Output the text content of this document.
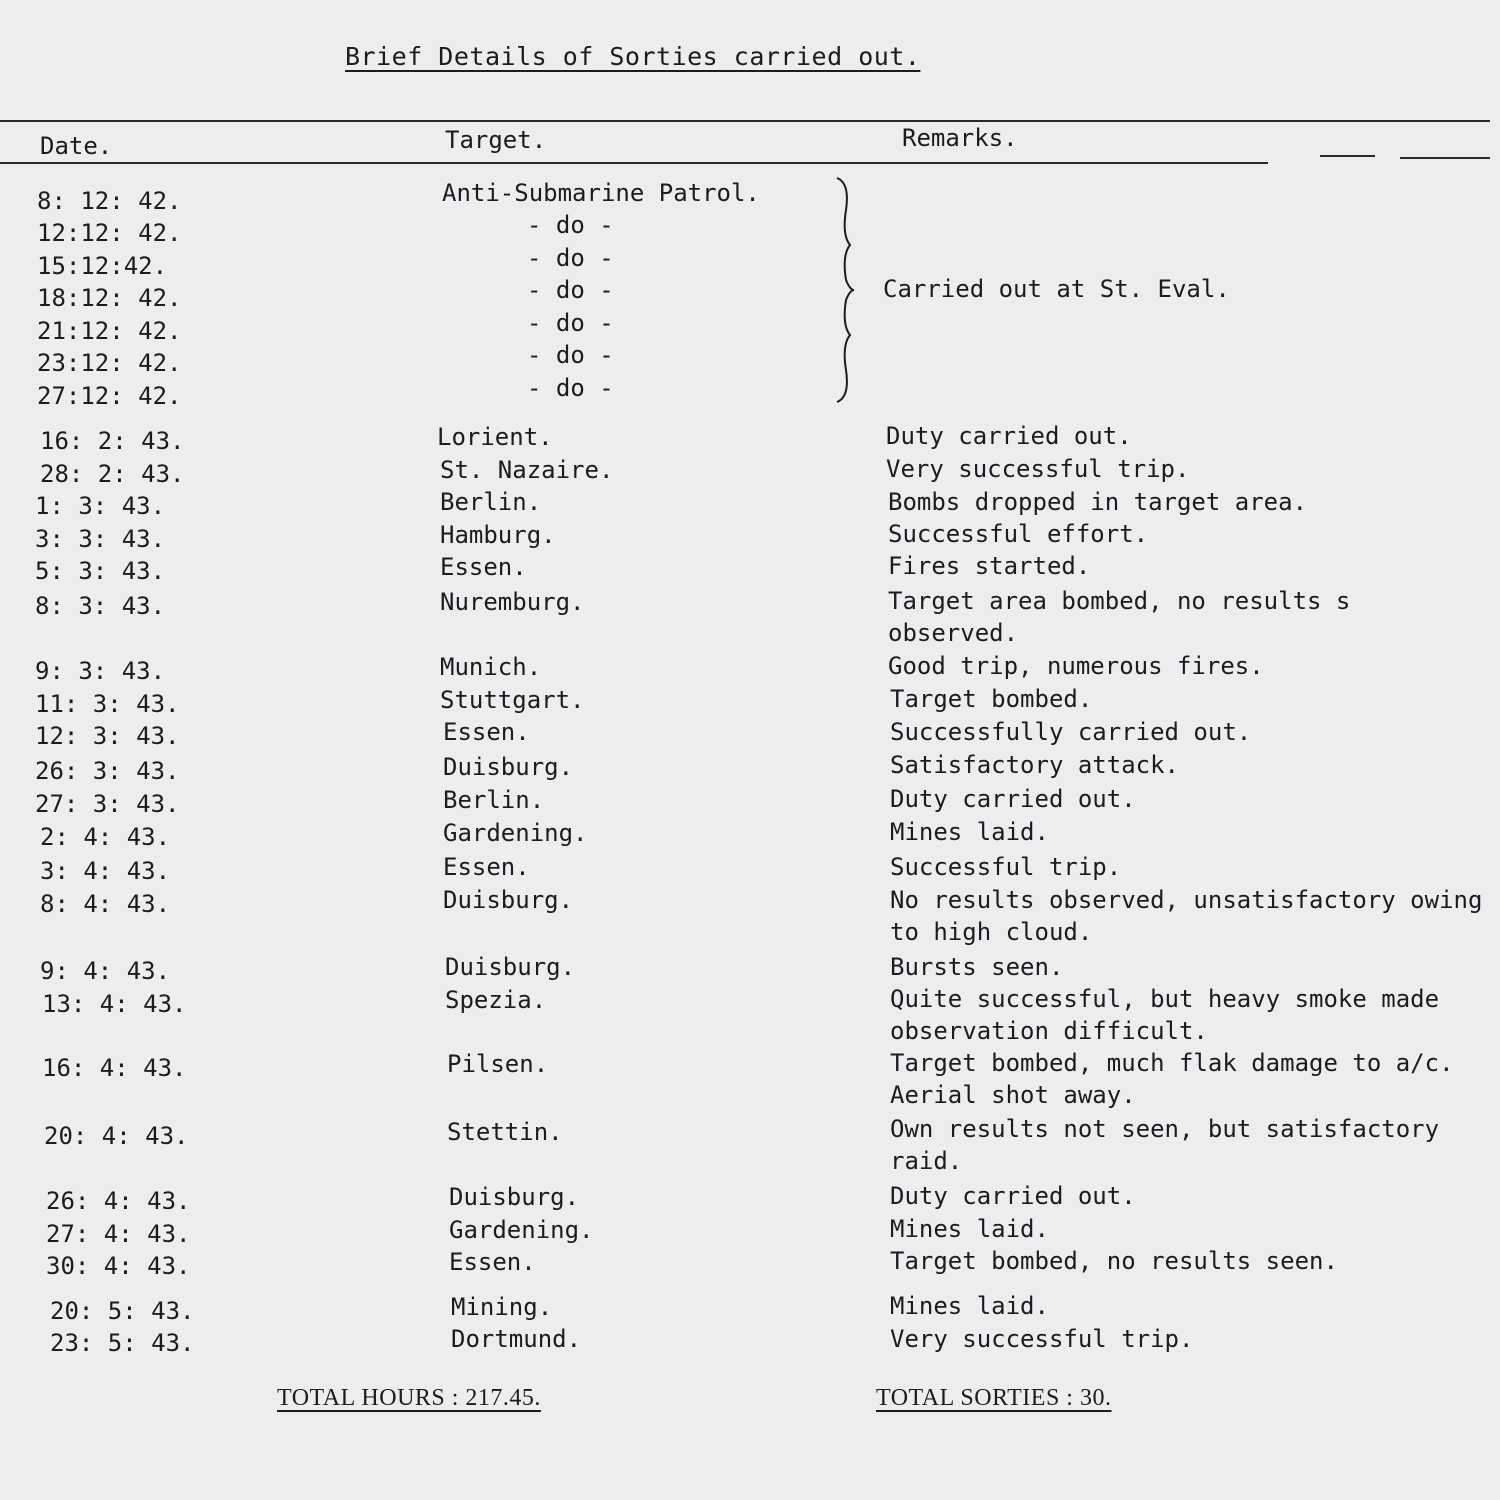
Brief Details of Sorties carried out.
Date.	Target.	Remarks.
8: 12: 42.	Anti-Submarine Patrol.
12:12: 42.	- do -
15:12:42.	- do -
18:12: 42.	- do -
21:12: 42.	- do -
23:12: 42.	- do -
27:12: 42.	- do -
Carried out at St. Eval.
16: 2: 43.	Lorient.	Duty carried out.
28: 2: 43.	St. Nazaire.	Very successful trip.
1: 3: 43.	Berlin.	Bombs dropped in target area.
3: 3: 43.	Hamburg.	Successful effort.
5: 3: 43.	Essen.	Fires started.
8: 3: 43.	Nuremburg.	Target area bombed, no results s observed.
9: 3: 43.	Munich.	Good trip, numerous fires.
11: 3: 43.	Stuttgart.	Target bombed.
12: 3: 43.	Essen.	Successfully carried out.
26: 3: 43.	Duisburg.	Satisfactory attack.
27: 3: 43.	Berlin.	Duty carried out.
2: 4: 43.	Gardening.	Mines laid.
3: 4: 43.	Essen.	Successful trip.
8: 4: 43.	Duisburg.	No results observed, unsatisfactory owing to high cloud.
9: 4: 43.	Duisburg.	Bursts seen.
13: 4: 43.	Spezia.	Quite successful, but heavy smoke made observation difficult.
16: 4: 43.	Pilsen.	Target bombed, much flak damage to a/c. Aerial shot away.
20: 4: 43.	Stettin.	Own results not seen, but satisfactory raid.
26: 4: 43.	Duisburg.	Duty carried out.
27: 4: 43.	Gardening.	Mines laid.
30: 4: 43.	Essen.	Target bombed, no results seen.
20: 5: 43.	Mining.	Mines laid.
23: 5: 43.	Dortmund.	Very successful trip.
TOTAL HOURS : 217.45.	TOTAL SORTIES : 30.
